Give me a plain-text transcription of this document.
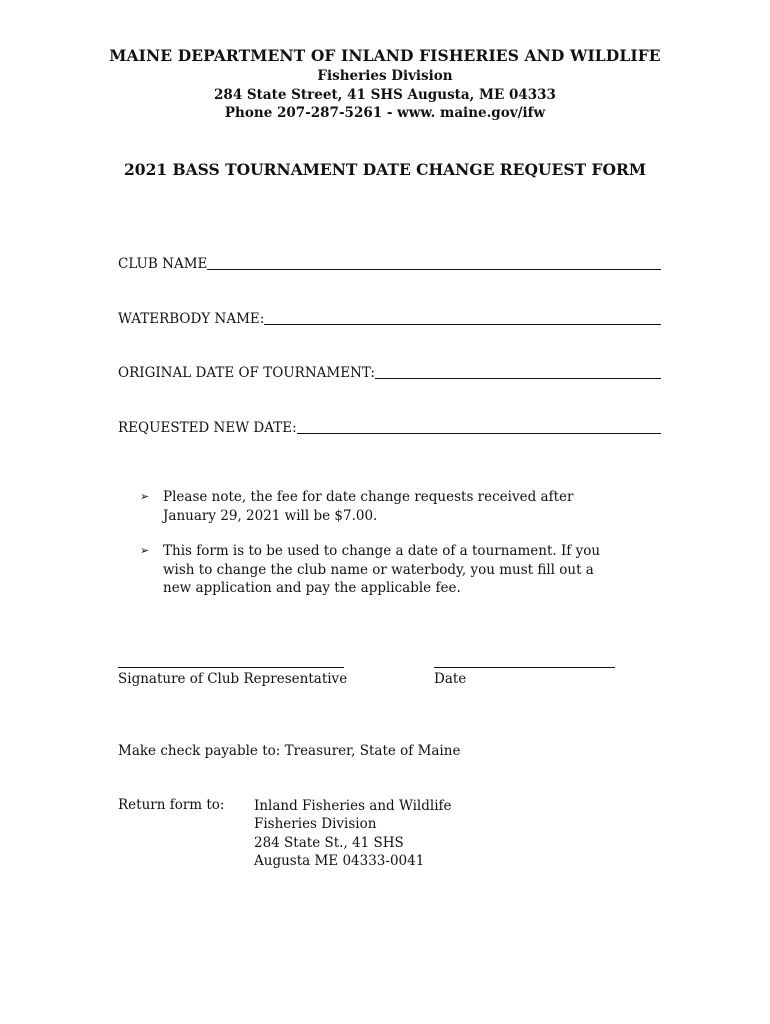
MAINE DEPARTMENT OF INLAND FISHERIES AND WILDLIFE
Fisheries Division
284 State Street, 41 SHS Augusta, ME 04333
Phone 207-287-5261 - www. maine.gov/ifw
2021 BASS TOURNAMENT DATE CHANGE REQUEST FORM
CLUB NAME
WATERBODY NAME:
ORIGINAL DATE OF TOURNAMENT:
REQUESTED NEW DATE:
➢	Please note, the fee for date change requests received after January 29, 2021 will be $7.00.
➢	This form is to be used to change a date of a tournament. If you wish to change the club name or waterbody, you must fill out a new application and pay the applicable fee.
Signature of Club Representative	Date
Make check payable to: Treasurer, State of Maine
Return form to: Inland Fisheries and Wildlife
Fisheries Division
284 State St., 41 SHS
Augusta ME 04333-0041
